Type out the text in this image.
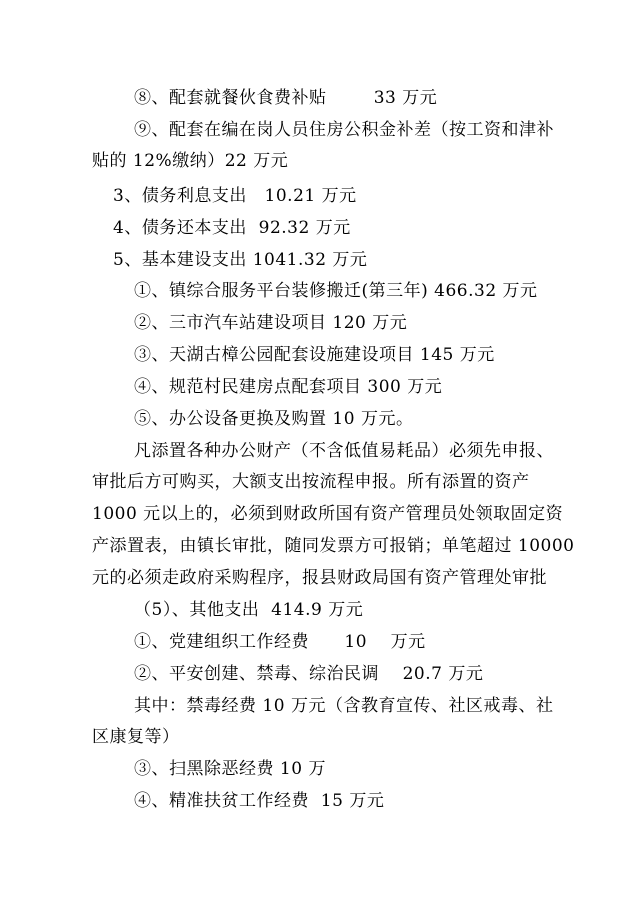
⑧、配套就餐伙食费补贴        33 万元
⑨、配套在编在岗人员住房公积金补差（按工资和津补
贴的 12%缴纳）22 万元
3、债务利息支出   10.21 万元
4、债务还本支出  92.32 万元
5、基本建设支出 1041.32 万元
①、镇综合服务平台装修搬迁(第三年) 466.32 万元
②、三市汽车站建设项目 120 万元
③、天湖古樟公园配套设施建设项目 145 万元
④、规范村民建房点配套项目 300 万元
⑤、办公设备更换及购置 10 万元。
凡添置各种办公财产（不含低值易耗品）必须先申报、
审批后方可购买，大额支出按流程申报。所有添置的资产
1000 元以上的，必须到财政所国有资产管理员处领取固定资
产添置表，由镇长审批，随同发票方可报销；单笔超过 10000
元的必须走政府采购程序，报县财政局国有资产管理处审批
（5）、其他支出  414.9 万元
①、党建组织工作经费      10    万元
②、平安创建、禁毒、综治民调    20.7 万元
其中：禁毒经费 10 万元（含教育宣传、社区戒毒、社
区康复等）
③、扫黑除恶经费 10 万
④、精准扶贫工作经费  15 万元
